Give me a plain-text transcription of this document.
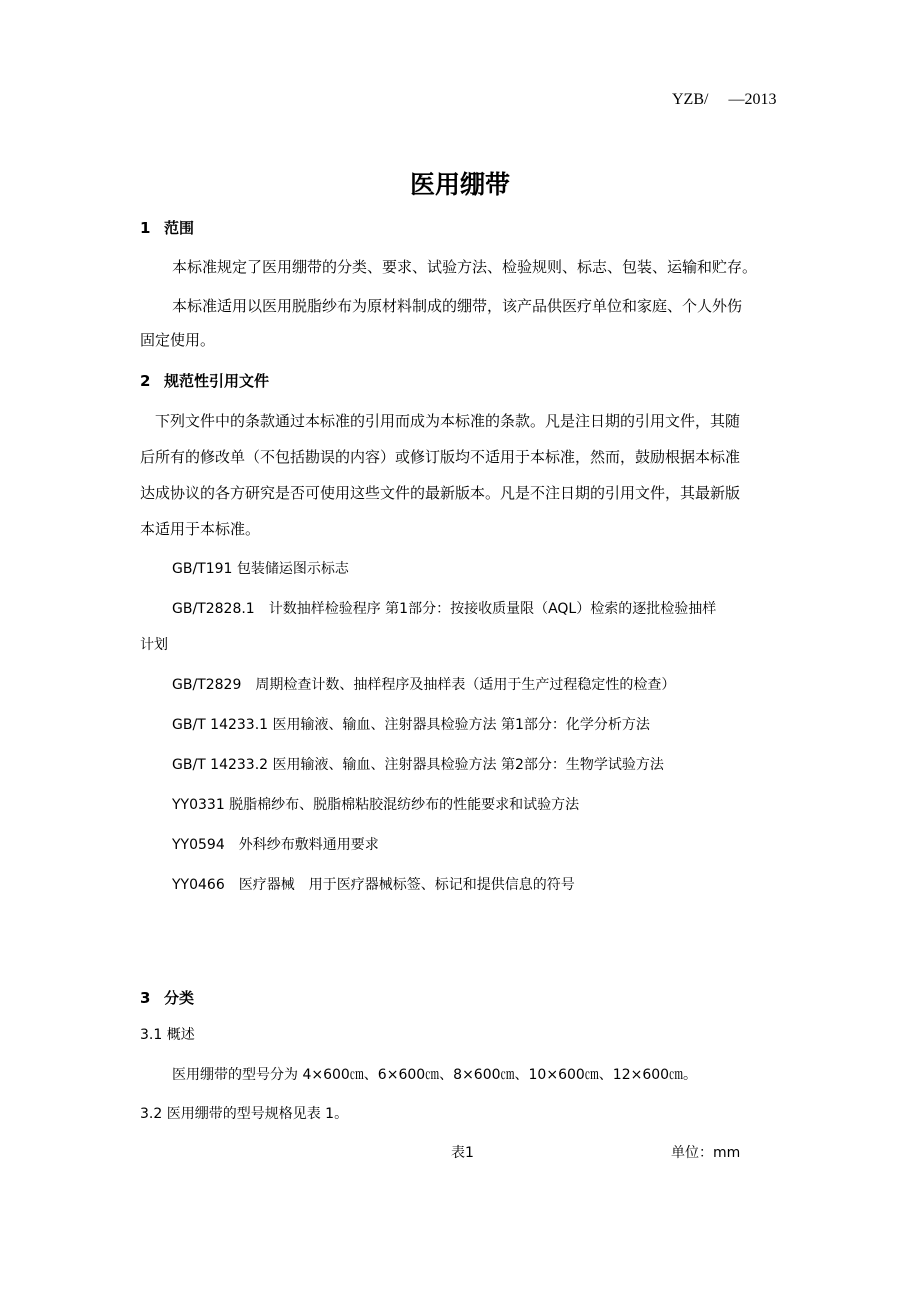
YZB/　 —2013
医用绷带
1 范围
本标准规定了医用绷带的分类、要求、试验方法、检验规则、标志、包装、运输和贮存。
本标准适用以医用脱脂纱布为原材料制成的绷带，该产品供医疗单位和家庭、个人外伤
固定使用。
2 规范性引用文件
下列文件中的条款通过本标准的引用而成为本标准的条款。凡是注日期的引用文件，其随
后所有的修改单（不包括勘误的内容）或修订版均不适用于本标准，然而，鼓励根据本标准
达成协议的各方研究是否可使用这些文件的最新版本。凡是不注日期的引用文件，其最新版
本适用于本标准。
GB/T191 包装储运图示标志
GB/T2828.1　计数抽样检验程序 第1部分：按接收质量限（AQL）检索的逐批检验抽样
计划
GB/T2829　周期检查计数、抽样程序及抽样表（适用于生产过程稳定性的检查）
GB/T 14233.1 医用输液、输血、注射器具检验方法 第1部分：化学分析方法
GB/T 14233.2 医用输液、输血、注射器具检验方法 第2部分：生物学试验方法
YY0331 脱脂棉纱布、脱脂棉粘胶混纺纱布的性能要求和试验方法
YY0594　外科纱布敷料通用要求
YY0466　医疗器械　用于医疗器械标签、标记和提供信息的符号
3 分类
3.1 概述
医用绷带的型号分为 4×600㎝、6×600㎝、8×600㎝、10×600㎝、12×600㎝。
3.2 医用绷带的型号规格见表 1。
表1	单位：mm
